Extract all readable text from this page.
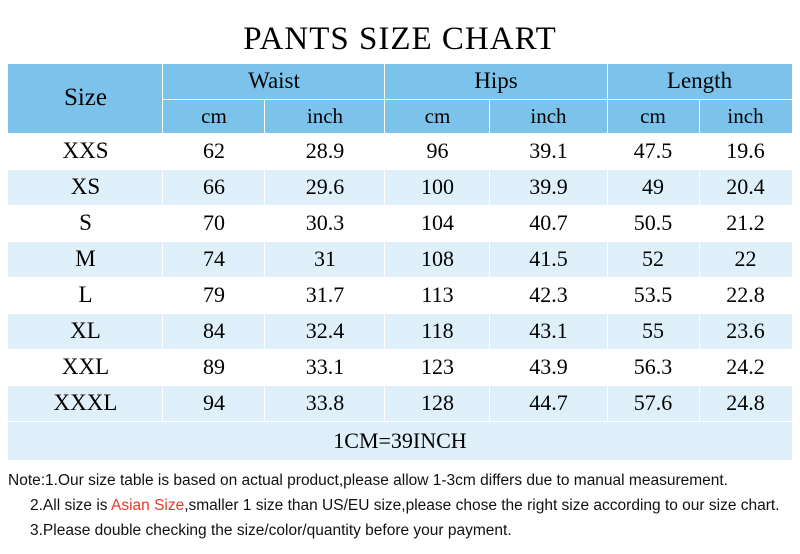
PANTS SIZE CHART
Size	Waist		Hips		Length	
	cm	inch	cm	inch	cm	inch
XXS	62	28.9	96	39.1	47.5	19.6
XS	66	29.6	100	39.9	49	20.4
S	70	30.3	104	40.7	50.5	21.2
M	74	31	108	41.5	52	22
L	79	31.7	113	42.3	53.5	22.8
XL	84	32.4	118	43.1	55	23.6
XXL	89	33.1	123	43.9	56.3	24.2
XXXL	94	33.8	128	44.7	57.6	24.8
1CM=39INCH						
Note:1.Our size table is based on actual product,please allow 1-3cm differs due to manual measurement.
2.All size is Asian Size,smaller 1 size than US/EU size,please chose the right size according to our size chart.
3.Please double checking the size/color/quantity before your payment.
